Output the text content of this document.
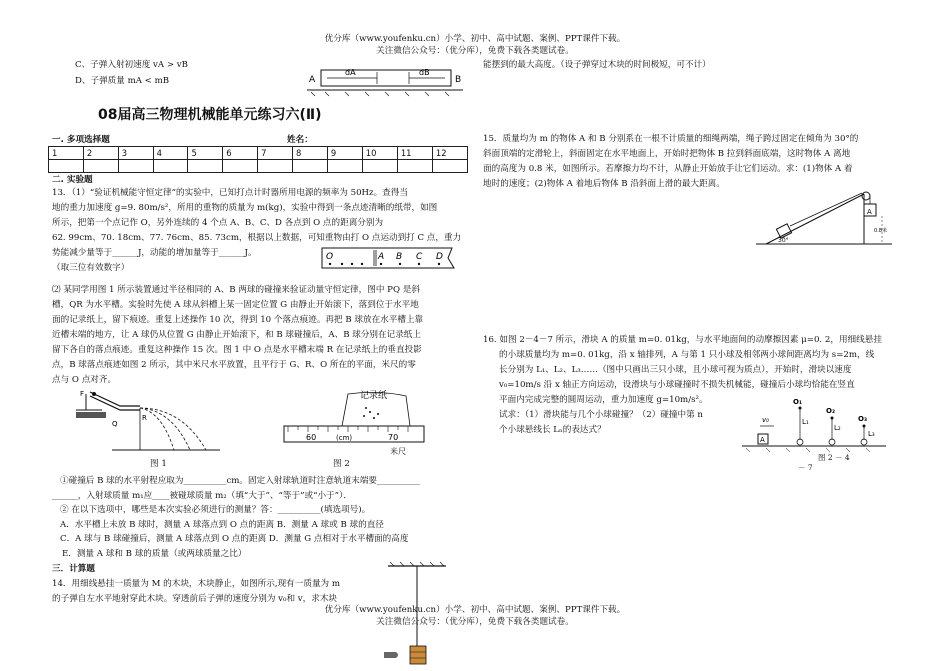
优分库（www.youfenku.cn）小学、初中、高中试题、案例、PPT课件下载。
关注微信公众号：（优分库），免费下载各类题试卷。
C、子弹入射初速度 vA > vB
D、子弹质量 mA < mB	A	B
dA	dB
能摆到的最大高度。（设子弹穿过木块的时间极短，可不计）
08届高三物理机械能单元练习六(Ⅱ)
一. 多项选择题	姓名：
1	2	3	4	5	6	7	8	9	10	11	12

二. 实验题
13．（1）“验证机械能守恒定律”的实验中，已知打点计时器所用电源的频率为 50Hz。查得当
地的重力加速度 g=9. 80m/s²，所用的重物的质量为 m(kg)，实验中得到一条点迹清晰的纸带，如图
所示，把第一个点记作 O，另外连续的 4 个点 A、B、C、D 各点到 O 点的距离分别为
62. 99cm、70. 18cm、77. 76cm、85. 73cm，根据以上数据，可知重物由打 O 点运动到打 C 点，重力
势能减少量等于______J，动能的增加量等于______J。
（取三位有效数字）
O	A B C D
⑵ 某同学用图 1 所示装置通过半径相同的 A、B 两球的碰撞来验证动量守恒定律，图中 PQ 是斜
槽，QR 为水平槽。实验时先使 A 球从斜槽上某一固定位置 G 由静止开始滚下，落到位于水平地
面的记录纸上，留下痕迹。重复上述操作 10 次，得到 10 个落点痕迹。再把 B 球放在水平槽上靠
近槽末端的地方，让 A 球仍从位置 G 由静止开始滚下，和 B 球碰撞后，A、B 球分别在记录纸上
留下各自的落点痕迹。重复这种操作 15 次。图 1 中 O 点是水平槽末端 R 在记录纸上的垂直投影
点，B 球落点痕迹如图 2 所示，其中米尺水平放置，且平行于 G、R、O 所在的平面，米尺的零
点与 O 点对齐。
F
Q
R
图 1
记录纸
60	(cm)	70
米尺
图 2
①碰撞后 B 球的水平射程应取为__________cm。固定入射球轨道时注意轨道末端要__________
______，入射球质量 m₁应____被碰球质量 m₂（填“大于”、“等于”或“小于”）．
② 在以下选项中，哪些是本次实验必须进行的测量？答：__________(填选项号)。
A．水平槽上未放 B 球时，测量 A 球落点到 O 点的距离 B．测量 A 球或 B 球的直径
C．A 球与 B 球碰撞后，测量 A 球落点到 O 点的距离 D．测量 G 点相对于水平槽面的高度
E．测量 A 球和 B 球的质量（或两球质量之比）
三．计算题
14．用细线悬挂一质量为 M 的木块，木块静止，如图所示,现有一质量为 m
的子弹自左水平地射穿此木块。穿透前后子弹的速度分别为 v₀和 v，求木块
15．质量均为 m 的物体 A 和 B 分别系在一根不计质量的细绳两端，绳子跨过固定在倾角为 30°的
斜面顶端的定滑轮上，斜面固定在水平地面上，开始时把物体 B 拉到斜面底端，这时物体 A 离地
面的高度为 0.8 米，如图所示。若摩擦力均不计，从静止开始放手让它们运动。求：(1)物体 A 着
地时的速度；(2)物体 A 着地后物体 B 沿斜面上滑的最大距离。
A
0.8米
30°
16. 如图 2－4－7 所示，滑块 A 的质量 m=0. 01kg，与水平地面间的动摩擦因素 μ=0. 2，用细线悬挂
的小球质量均为 m=0. 01kg，沿 x 轴排列，A 与第 1 只小球及相邻两小球间距离均为 s=2m，线
长分别为 L₁、L₂、L₃……（图中只画出三只小球，且小球可视为质点），开始时，滑块以速度
v₀=10m/s 沿 x 轴正方向运动，设滑块与小球碰撞时不损失机械能，碰撞后小球均恰能在竖直
平面内完成完整的圆周运动，重力加速度 g=10m/s²。
试求：（1）滑块能与几个小球碰撞？（2）碰撞中第 n
个小球悬线长 Lₙ的表达式？
A
v₀
O₁
L₁
O₂
L₂
O₃
L₃
图 2 － 4
－ 7
优分库（www.youfenku.cn）小学、初中、高中试题、案例、PPT课件下载。
关注微信公众号：（优分库），免费下载各类题试卷。
